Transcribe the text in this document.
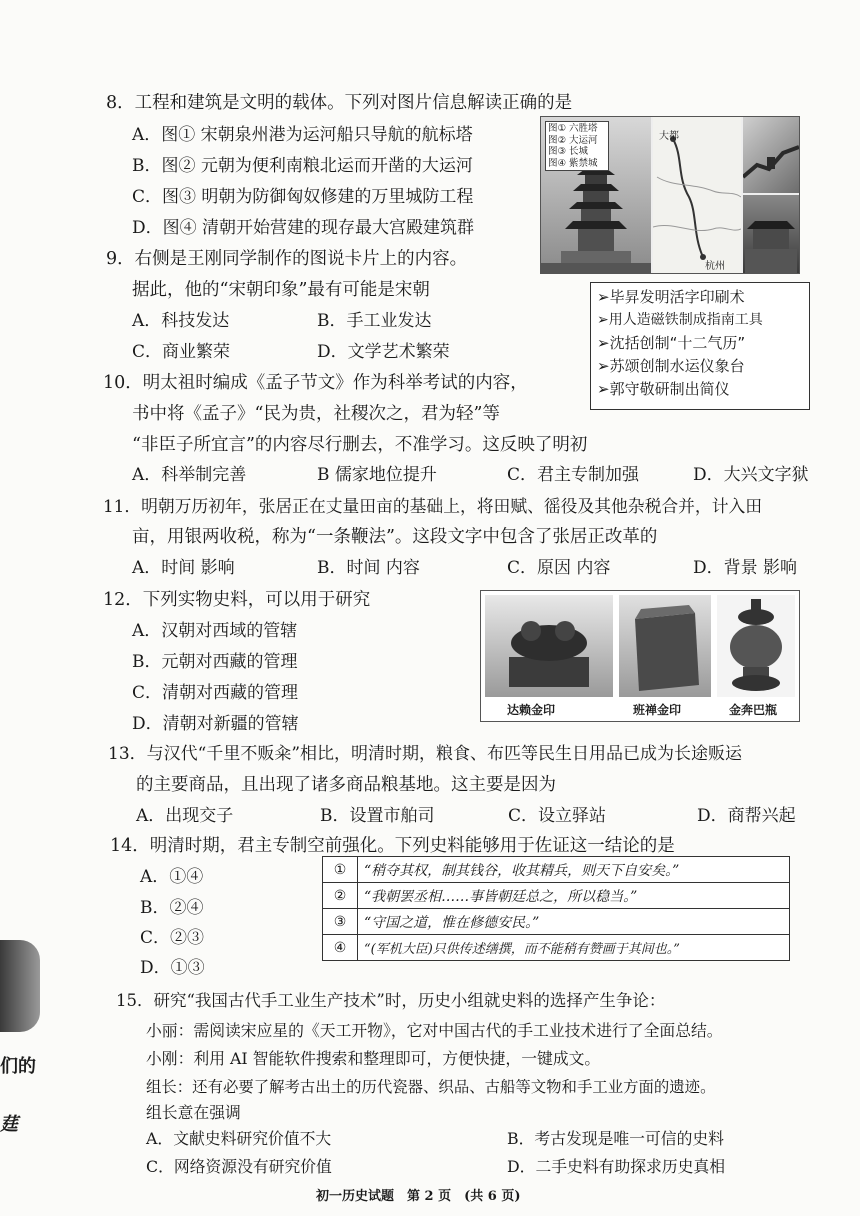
8．工程和建筑是文明的载体。下列对图片信息解读正确的是
A．图① 宋朝泉州港为运河船只导航的航标塔
B．图② 元朝为便利南粮北运而开凿的大运河
C．图③ 明朝为防御匈奴修建的万里城防工程
D．图④ 清朝开始营建的现存最大宫殿建筑群
图① 六胜塔
图② 大运河
图③ 长城
图④ 紫禁城
大都
杭州
9．右侧是王刚同学制作的图说卡片上的内容。
据此，他的“宋朝印象”最有可能是宋朝
A．科技发达	B．手工业发达
C．商业繁荣	D．文学艺术繁荣
➢毕昇发明活字印刷术
➢用人造磁铁制成指南工具
➢沈括创制“十二气历”
➢苏颂创制水运仪象台
➢郭守敬研制出简仪
10．明太祖时编成《孟子节文》作为科举考试的内容，
书中将《孟子》“民为贵，社稷次之，君为轻”等
“非臣子所宜言”的内容尽行删去，不准学习。这反映了明初
A．科举制完善	B 儒家地位提升	C．君主专制加强	D．大兴文字狱
11．明朝万历初年，张居正在丈量田亩的基础上，将田赋、徭役及其他杂税合并，计入田
亩，用银两收税，称为“一条鞭法”。这段文字中包含了张居正改革的
A．时间 影响	B．时间 内容	C．原因 内容	D．背景 影响
12．下列实物史料，可以用于研究
A．汉朝对西域的管辖
B．元朝对西藏的管理
C．清朝对西藏的管理
D．清朝对新疆的管辖
达赖金印	班禅金印	金奔巴瓶
13．与汉代“千里不贩籴”相比，明清时期，粮食、布匹等民生日用品已成为长途贩运
的主要商品，且出现了诸多商品粮基地。这主要是因为
A．出现交子	B．设置市舶司	C．设立驿站	D．商帮兴起
14．明清时期，君主专制空前强化。下列史料能够用于佐证这一结论的是
A．①④
B．②④
C．②③
D．①③
①	“稍夺其权，制其钱谷，收其精兵，则天下自安矣。”
②	“我朝罢丞相……事皆朝廷总之，所以稳当。”
③	“守国之道，惟在修德安民。”
④	“(军机大臣)只供传述缮撰，而不能稍有赞画于其间也。”
15．研究“我国古代手工业生产技术”时，历史小组就史料的选择产生争论：
小丽：需阅读宋应星的《天工开物》，它对中国古代的手工业技术进行了全面总结。
小刚：利用 AI 智能软件搜索和整理即可，方便快捷，一键成文。
组长：还有必要了解考古出土的历代瓷器、织品、古船等文物和手工业方面的遗迹。
组长意在强调
A．文献史料研究价值不大	B．考古发现是唯一可信的史料
C．网络资源没有研究价值	D．二手史料有助探求历史真相
们的
莛
初一历史试题　第 2 页　(共 6 页)
